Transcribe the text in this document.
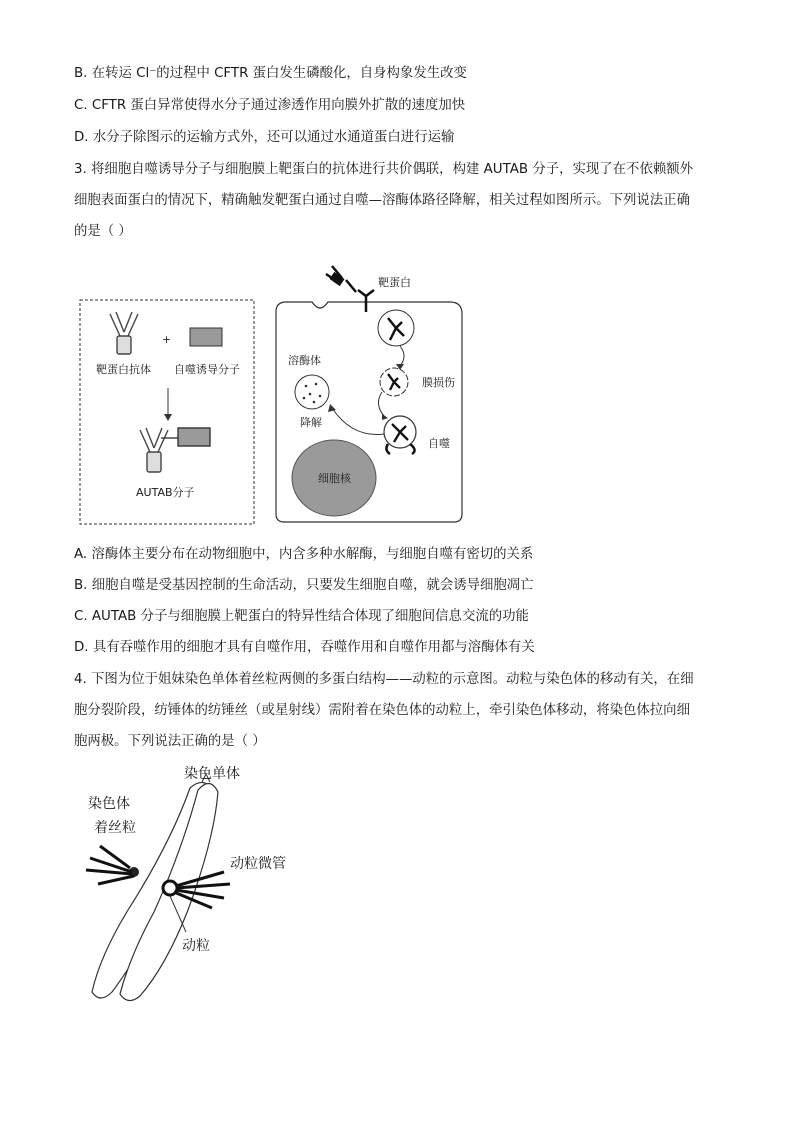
B. 在转运 Cl⁻的过程中 CFTR 蛋白发生磷酸化，自身构象发生改变
C. CFTR 蛋白异常使得水分子通过渗透作用向膜外扩散的速度加快
D. 水分子除图示的运输方式外，还可以通过水通道蛋白进行运输
3. 将细胞自噬诱导分子与细胞膜上靶蛋白的抗体进行共价偶联，构建 AUTAB 分子，实现了在不依赖额外
细胞表面蛋白的情况下，精确触发靶蛋白通过自噬—溶酶体路径降解，相关过程如图所示。下列说法正确
的是（ ）
+
靶蛋白抗体 自噬诱导分子
AUTAB分子
靶蛋白
膜损伤
自噬
溶酶体
降解
细胞核
A. 溶酶体主要分布在动物细胞中，内含多种水解酶，与细胞自噬有密切的关系
B. 细胞自噬是受基因控制的生命活动，只要发生细胞自噬，就会诱导细胞凋亡
C. AUTAB 分子与细胞膜上靶蛋白的特异性结合体现了细胞间信息交流的功能
D. 具有吞噬作用的细胞才具有自噬作用，吞噬作用和自噬作用都与溶酶体有关
4. 下图为位于姐妹染色单体着丝粒两侧的多蛋白结构——动粒的示意图。动粒与染色体的移动有关，在细
胞分裂阶段，纺锤体的纺锤丝（或星射线）需附着在染色体的动粒上，牵引染色体移动，将染色体拉向细
胞两极。下列说法正确的是（ ）
染色单体
染色体
着丝粒
动粒微管
动粒
